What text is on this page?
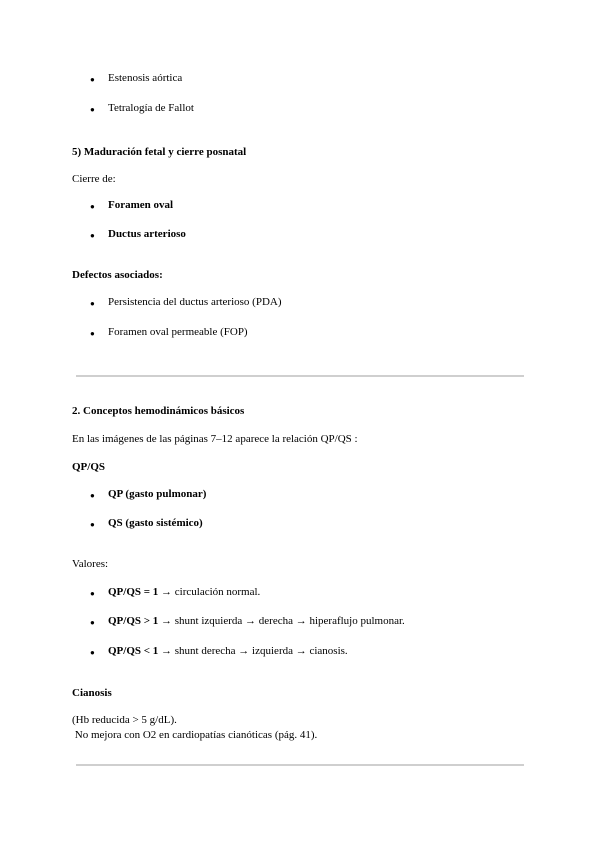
● Estenosis aórtica
● Tetralogía de Fallot
5) Maduración fetal y cierre posnatal
Cierre de:
● Foramen oval
● Ductus arterioso
Defectos asociados:
● Persistencia del ductus arterioso (PDA)
● Foramen oval permeable (FOP)
2. Conceptos hemodinámicos básicos
En las imágenes de las páginas 7–12 aparece la relación QP/QS :
QP/QS
● QP (gasto pulmonar)
● QS (gasto sistémico)
Valores:
● QP/QS = 1 → circulación normal.
● QP/QS > 1 → shunt izquierda → derecha → hiperaflujo pulmonar.
● QP/QS < 1 → shunt derecha → izquierda → cianosis.
Cianosis
(Hb reducida > 5 g/dL).
No mejora con O2 en cardiopatías cianóticas (pág. 41).
